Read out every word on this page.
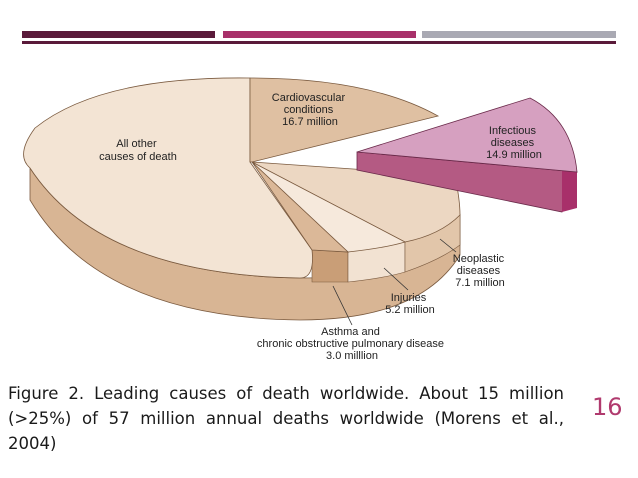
All other causes of death
Cardiovascular conditions 16.7 million
Infectious diseases 14.9 million
Neoplastic diseases 7.1 million
Injuries 5.2 million
Asthma and chronic obstructive pulmonary disease 3.0 milllion
Figure 2. Leading causes of death worldwide. About 15 million (>25%) of 57 million annual deaths worldwide (Morens et al., 2004)
16
